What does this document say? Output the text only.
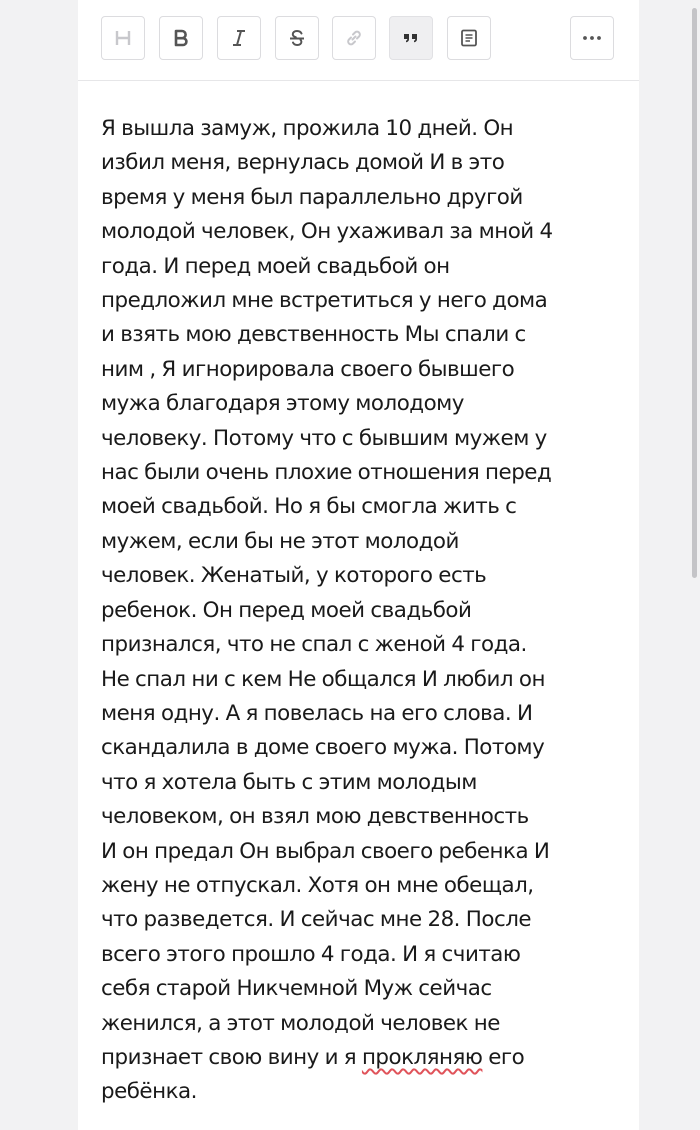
Я вышла замуж, прожила 10 дней. Он
избил меня, вернулась домой И в это
время у меня был параллельно другой
молодой человек, Он ухаживал за мной 4
года. И перед моей свадьбой он
предложил мне встретиться у него дома
и взять мою девственность Мы спали с
ним , Я игнорировала своего бывшего
мужа благодаря этому молодому
человеку. Потому что с бывшим мужем у
нас были очень плохие отношения перед
моей свадьбой. Но я бы смогла жить с
мужем, если бы не этот молодой
человек. Женатый, у которого есть
ребенок. Он перед моей свадьбой
признался, что не спал с женой 4 года.
Не спал ни с кем Не общался И любил он
меня одну. А я повелась на его слова. И
скандалила в доме своего мужа. Потому
что я хотела быть с этим молодым
человеком, он взял мою девственность
И он предал Он выбрал своего ребенка И
жену не отпускал. Хотя он мне обещал,
что разведется. И сейчас мне 28. После
всего этого прошло 4 года. И я считаю
себя старой Никчемной Муж сейчас
женился, а этот молодой человек не
признает свою вину и я прокляняю его
ребёнка.
